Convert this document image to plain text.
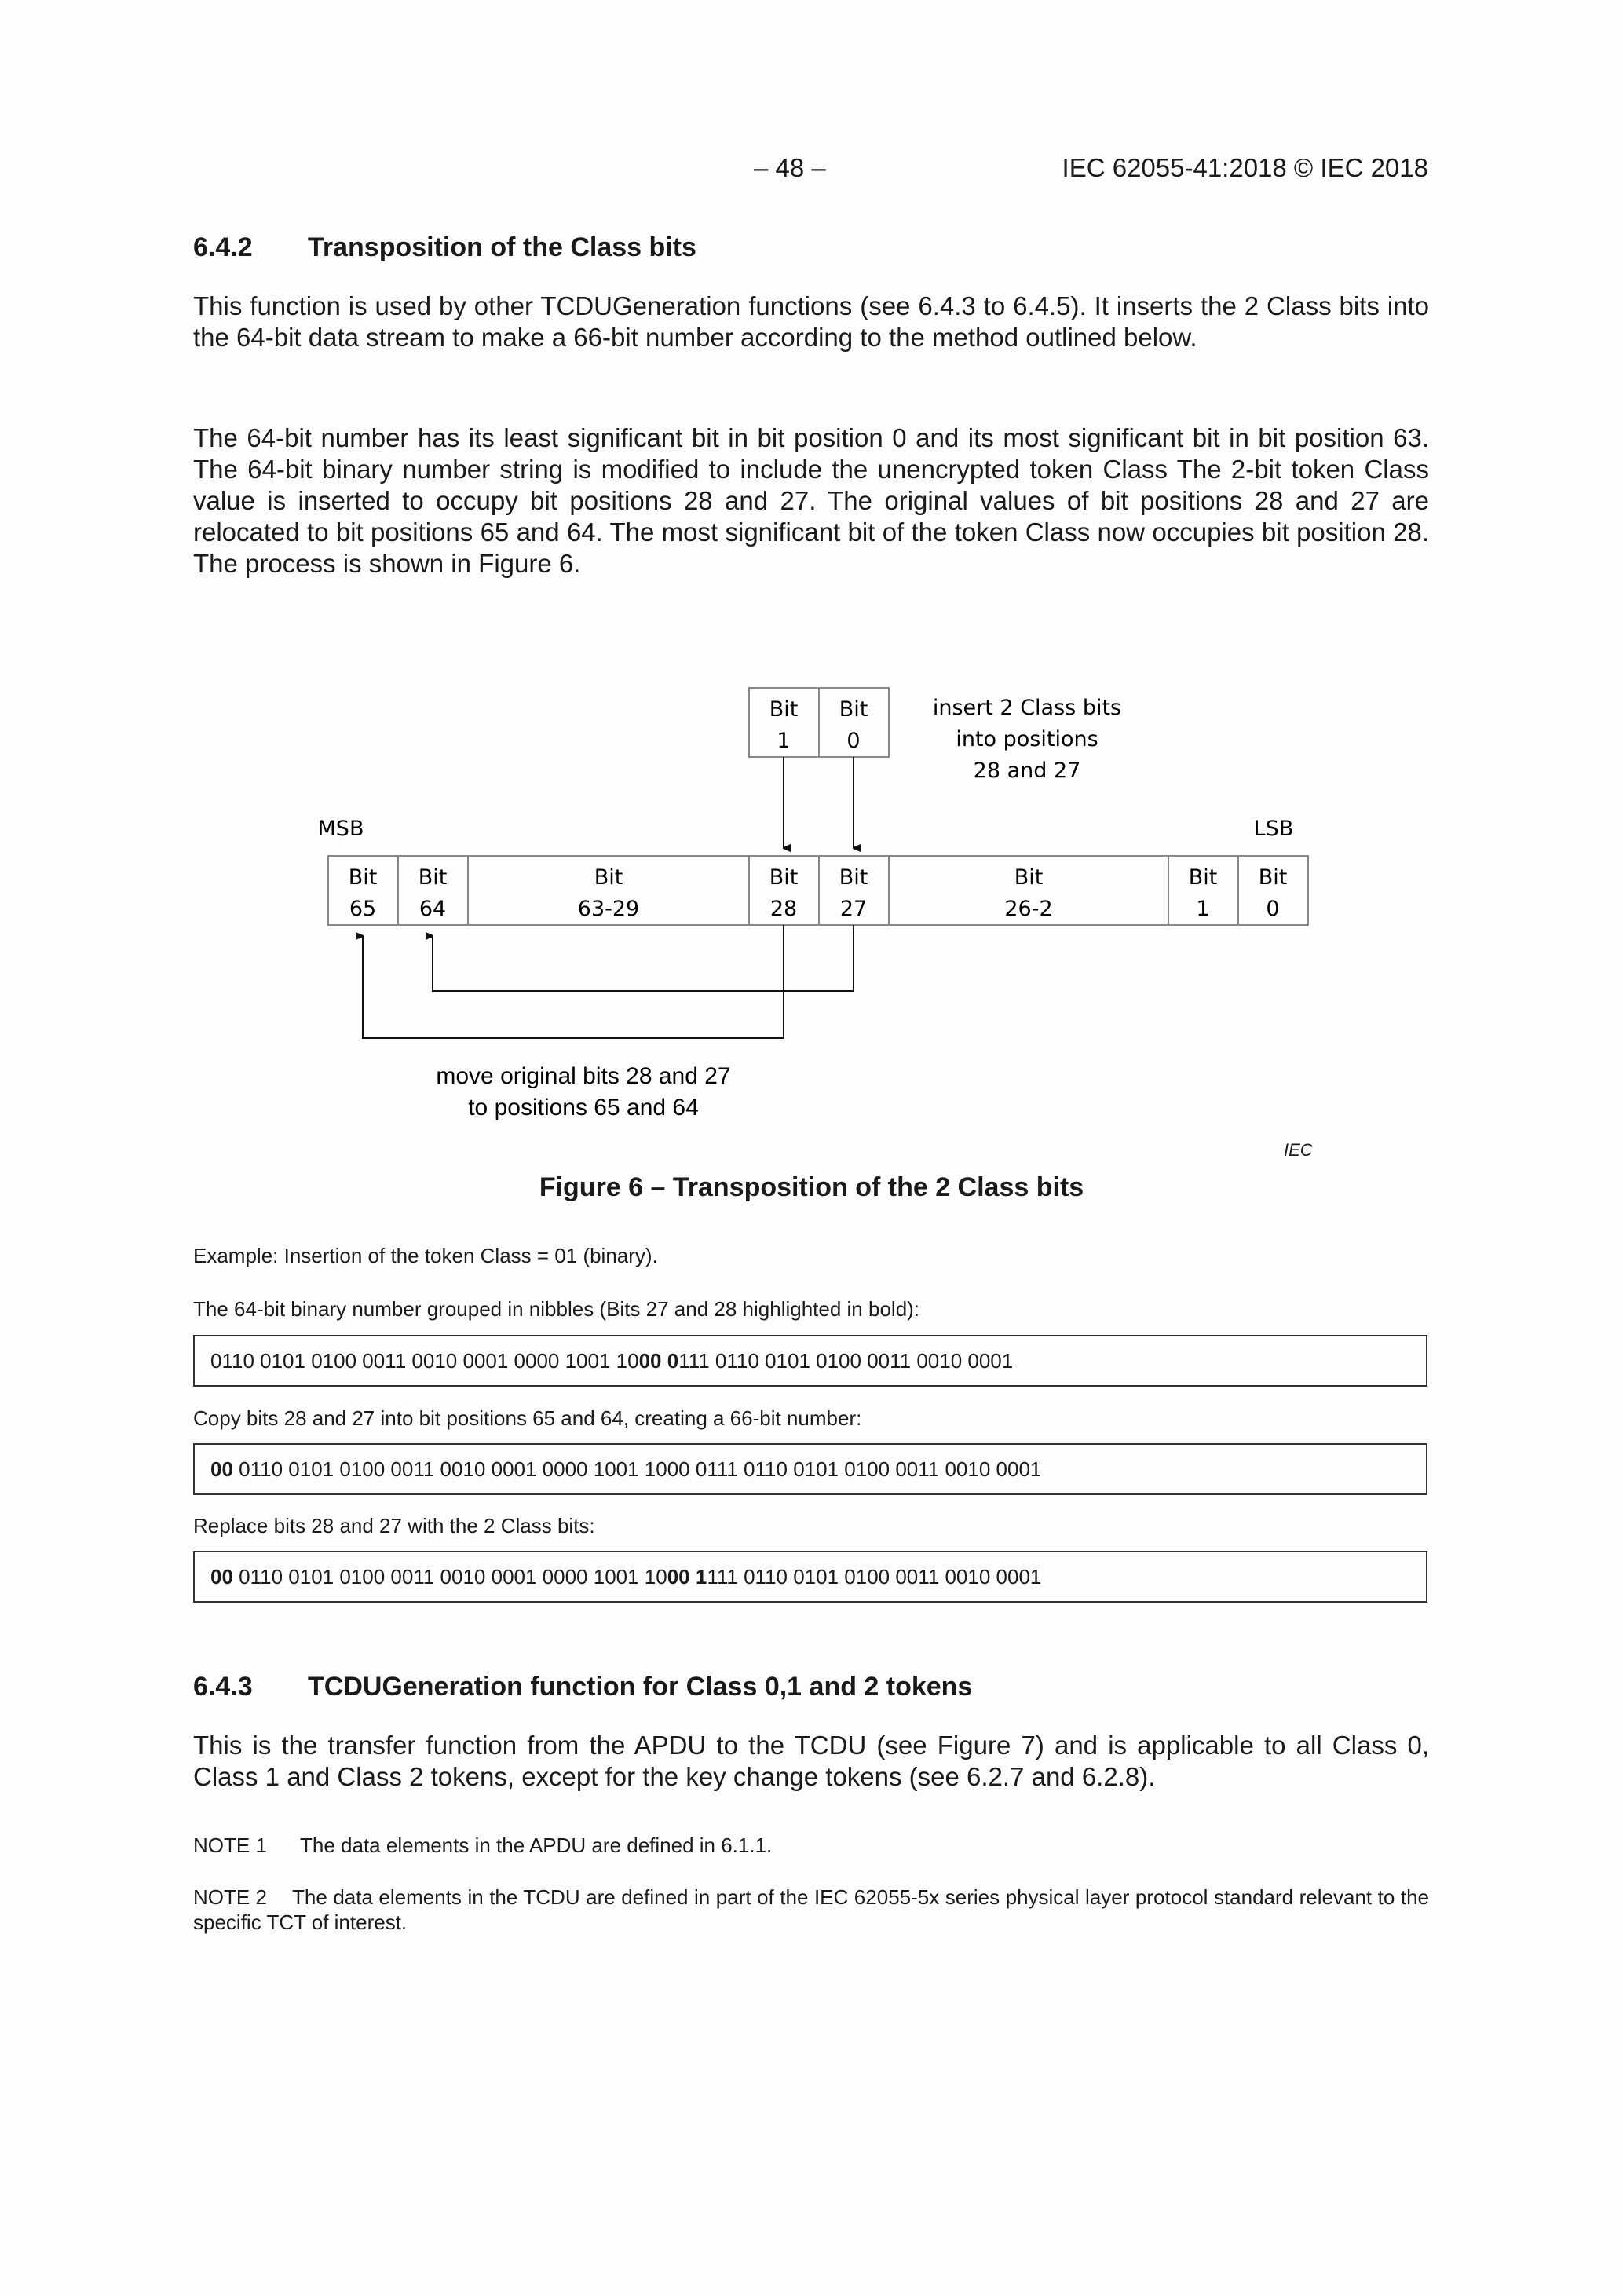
– 48 –	IEC 62055-41:2018 © IEC 2018
6.4.2 Transposition of the Class bits

This function is used by other TCDUGeneration functions (see 6.4.3 to 6.4.5). It inserts the 2 Class bits into the 64-bit data stream to make a 66-bit number according to the method outlined below.

The 64-bit number has its least significant bit in bit position 0 and its most significant bit in bit position 63. The 64-bit binary number string is modified to include the unencrypted token Class The 2-bit token Class value is inserted to occupy bit positions 28 and 27. The original values of bit positions 28 and 27 are relocated to bit positions 65 and 64. The most significant bit of the token Class now occupies bit position 28. The process is shown in Figure 6.

Bit
1
Bit
0
insert 2 Class bits
into positions
28 and 27
MSB	LSB
Bit
65
Bit
64
Bit
63-29
Bit
28
Bit
27
Bit
26-2
Bit
1
Bit
0
move original bits 28 and 27
to positions 65 and 64
IEC
Figure 6 – Transposition of the 2 Class bits

Example: Insertion of the token Class = 01 (binary).

The 64-bit binary number grouped in nibbles (Bits 27 and 28 highlighted in bold):

0110 0101 0100 0011 0010 0001 0000 1001 1000 0111 0110 0101 0100 0011 0010 0001

Copy bits 28 and 27 into bit positions 65 and 64, creating a 66-bit number:

00 0110 0101 0100 0011 0010 0001 0000 1001 1000 0111 0110 0101 0100 0011 0010 0001

Replace bits 28 and 27 with the 2 Class bits:

00 0110 0101 0100 0011 0010 0001 0000 1001 1000 1111 0110 0101 0100 0011 0010 0001
6.4.3 TCDUGeneration function for Class 0,1 and 2 tokens

This is the transfer function from the APDU to the TCDU (see Figure 7) and is applicable to all Class 0, Class 1 and Class 2 tokens, except for the key change tokens (see 6.2.7 and 6.2.8).

NOTE 1 The data elements in the APDU are defined in 6.1.1.

NOTE 2 The data elements in the TCDU are defined in part of the IEC 62055-5x series physical layer protocol standard relevant to the specific TCT of interest.
